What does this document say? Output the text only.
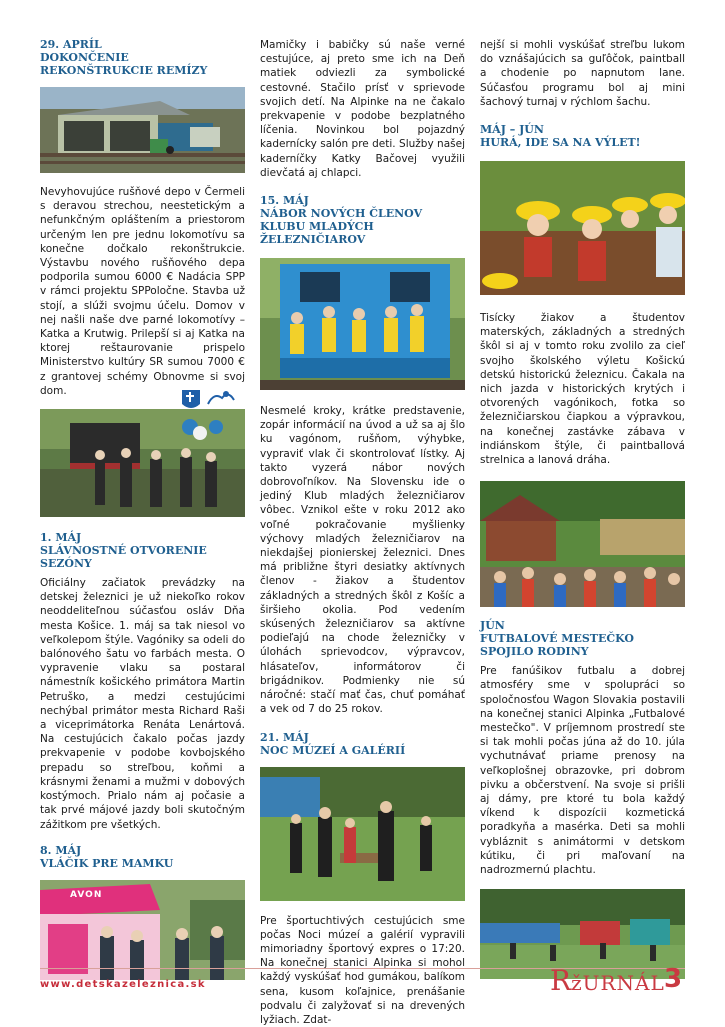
29. APRÍL
DOKONČENIE REKONŠTRUKCIE REMÍZY

Nevyhovujúce rušňové depo v Čermeli s deravou strechou, neestetickým a nefunkčným opláštením a priestorom určeným len pre jednu lokomotívu sa konečne dočkalo rekonštrukcie. Výstavbu nového rušňového depa podporila sumou 6000 € Nadácia SPP v rámci projektu SPPoločne. Stavba už stojí, a slúži svojmu účelu. Domov v nej našli naše dve parné lokomotívy – Katka a Krutwig. Prilepší si aj Katka na ktorej reštaurovanie prispelo Ministerstvo kultúry SR sumou 7000 € z grantovej schémy Obnovme si svoj dom.

1. MÁJ
SLÁVNOSTNÉ OTVORENIE SEZÓNY

Oficiálny začiatok prevádzky na detskej železnici je už niekoľko rokov neoddeliteľnou súčasťou osláv Dňa mesta Košice. 1. máj sa tak niesol vo veľkolepom štýle. Vagóniky sa odeli do balónového šatu vo farbách mesta. O vypravenie vlaku sa postaral námestník košického primátora Martin Petruško, a medzi cestujúcimi nechýbal primátor mesta Richard Raši a viceprimátorka Renáta Lenártová. Na cestujúcich čakalo počas jazdy prekvapenie v podobe kovbojského prepadu so streľbou, koňmi a krásnymi ženami a mužmi v dobových kostýmoch. Prialo nám aj počasie a tak prvé májové jazdy boli skutočným zážitkom pre všetkých.

8. MÁJ
VLÁČIK PRE MAMKU
AVON

Mamičky i babičky sú naše verné cestujúce, aj preto sme ich na Deň matiek odviezli za symbolické cestovné. Stačilo prísť v sprievode svojich detí. Na Alpinke na ne čakalo prekvapenie v podobe bezplatného líčenia. Novinkou bol pojazdný kadernícky salón pre deti. Služby našej kaderníčky Katky Bačovej využili dievčatá aj chlapci.

15. MÁJ
NÁBOR NOVÝCH ČLENOV KLUBU MLADÝCH ŽELEZNIČIAROV

Nesmelé kroky, krátke predstavenie, zopár informácií na úvod a už sa aj šlo ku vagónom, rušňom, výhybke, vypraviť vlak či skontrolovať lístky. Aj takto vyzerá nábor nových dobrovoľníkov. Na Slovensku ide o jediný Klub mladých železničiarov vôbec. Vznikol ešte v roku 2012 ako voľné pokračovanie myšlienky výchovy mladých železničiarov na niekdajšej pionierskej železnici. Dnes má približne štyri desiatky aktívnych členov - žiakov a študentov základných a stredných škôl z Košíc a širšieho okolia. Pod vedením skúsených železničiarov sa aktívne podieľajú na chode železničky v úlohách sprievodcov, výpravcov, hlásateľov, informátorov či brigádnikov. Podmienky nie sú náročné: stačí mať čas, chuť pomáhať a vek od 7 do 25 rokov.

21. MÁJ
NOC MÚZEÍ A GALÉRIÍ

Pre športuchtivých cestujúcich sme počas Noci múzeí a galérií vypravili mimoriadny športový expres o 17:20. Na konečnej stanici Alpinka si mohol každý vyskúšať hod gumákou, balíkom sena, kusom koľajnice, prenášanie podvalu či zalyžovať si na drevených lyžiach. Zdat-

nejší si mohli vyskúšať streľbu lukom do vznášajúcich sa guľôčok, paintball a chodenie po napnutom lane. Súčasťou programu bol aj mini šachový turnaj v rýchlom šachu.

MÁJ – JÚN
HURÁ, IDE SA NA VÝLET!

Tisícky žiakov a študentov materských, základných a stredných škôl si aj v tomto roku zvolilo za cieľ svojho školského výletu Košickú detskú historickú železnicu. Čakala na nich jazda v historických krytých i otvorených vagónikoch, fotka so železničiarskou čiapkou a výpravkou, na konečnej zastávke zábava v indiánskom štýle, či paintballová strelnica a lanová dráha.

JÚN
FUTBALOVÉ MESTEČKO SPOJILO RODINY

Pre fanúšikov futbalu a dobrej atmosféry sme v spolupráci so spoločnosťou Wagon Slovakia postavili na konečnej stanici Alpinka „Futbalové mestečko". V príjemnom prostredí ste si tak mohli počas júna až do 10. júla vychutnávať priame prenosy na veľkoplošnej obrazovke, pri dobrom pivku a občerstvení. Na svoje si prišli aj dámy, pre ktoré tu bola každý víkend k dispozícii kozmetická poradkyňa a masérka. Deti sa mohli vybláznit s animátormi v detskom kútiku, či pri maľovaní na nadrozmernú plachtu.

www.detskazeleznica.sk	R žURNÁL 3
